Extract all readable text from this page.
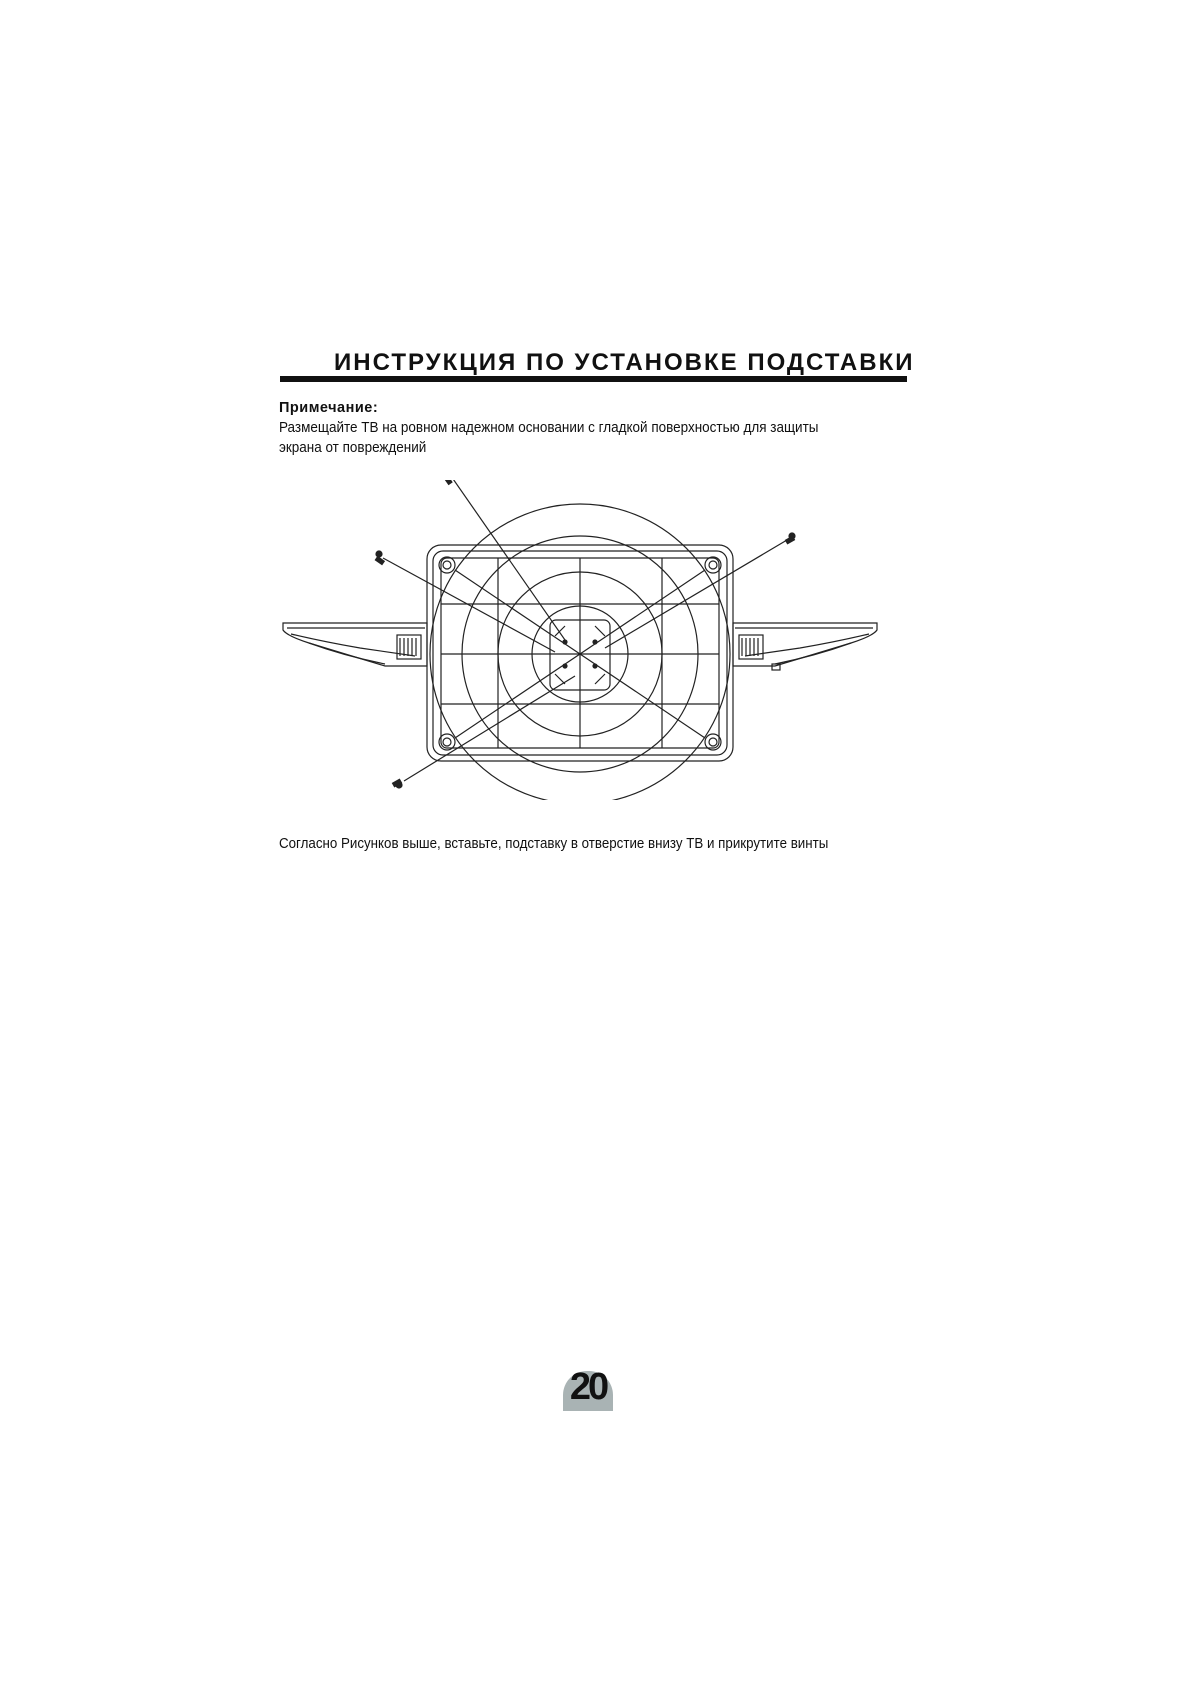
ИНСТРУКЦИЯ ПО УСТАНОВКЕ ПОДСТАВКИ
Примечание:
Размещайте ТВ на ровном надежном основании с гладкой поверхностью для защиты экрана от повреждений
Согласно Рисунков выше, вставьте, подставку в отверстие внизу ТВ и прикрутите винты
20
